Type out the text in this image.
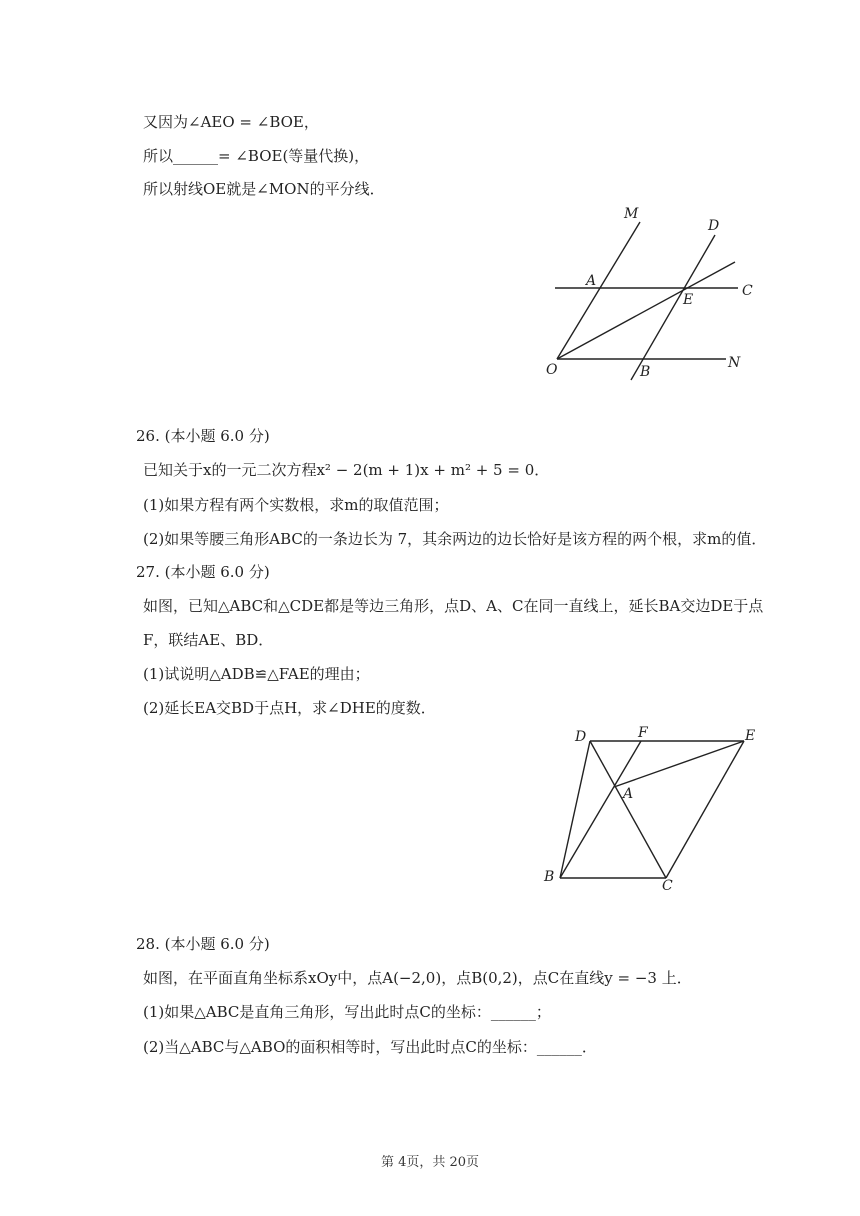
又因为∠AEO = ∠BOE，
所以______= ∠BOE(等量代换)，
所以射线OE就是∠MON的平分线．
M
D
A
E
C
O	B
N
26. (本小题 6.0 分)
已知关于x的一元二次方程x² − 2(m + 1)x + m² + 5 = 0．
(1)如果方程有两个实数根，求m的取值范围；
(2)如果等腰三角形ABC的一条边长为 7，其余两边的边长恰好是该方程的两个根，求m的值．
27. (本小题 6.0 分)
如图，已知△ABC和△CDE都是等边三角形，点D、A、C在同一直线上，延长BA交边DE于点
F，联结AE、BD．
(1)试说明△ADB≌△FAE的理由；
(2)延长EA交BD于点H，求∠DHE的度数．
D	F	E
A
B
C
28. (本小题 6.0 分)
如图，在平面直角坐标系xOy中，点A(−2,0)，点B(0,2)，点C在直线y = −3 上．
(1)如果△ABC是直角三角形，写出此时点C的坐标：______；
(2)当△ABC与△ABO的面积相等时，写出此时点C的坐标：______．
第 4页，共 20页
